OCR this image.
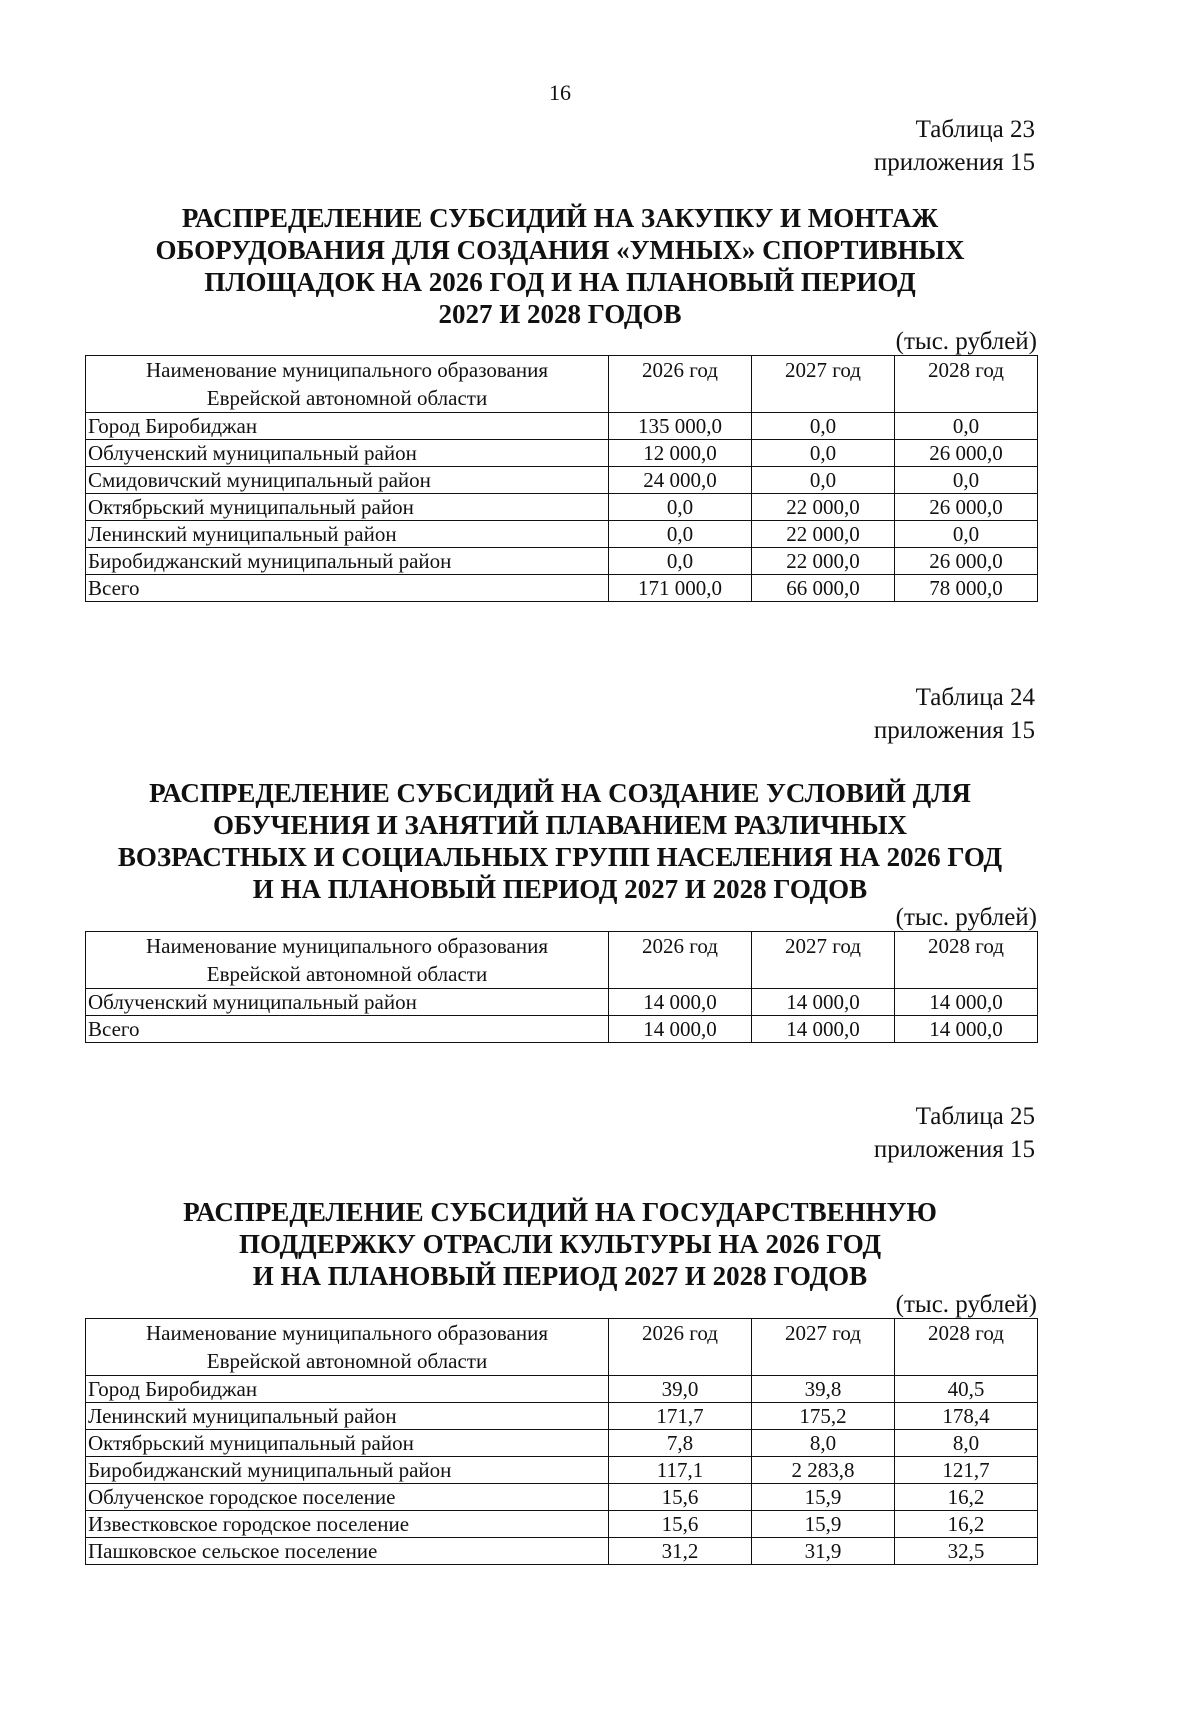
16
Таблица 23
приложения 15
РАСПРЕДЕЛЕНИЕ СУБСИДИЙ НА ЗАКУПКУ И МОНТАЖ
ОБОРУДОВАНИЯ ДЛЯ СОЗДАНИЯ «УМНЫХ» СПОРТИВНЫХ
ПЛОЩАДОК НА 2026 ГОД И НА ПЛАНОВЫЙ ПЕРИОД
2027 И 2028 ГОДОВ
(тыс. рублей)
Наименование муниципального образования
Еврейской автономной области	2026 год	2027 год	2028 год
Город Биробиджан	135 000,0	0,0	0,0
Облученский муниципальный район	12 000,0	0,0	26 000,0
Смидовичский муниципальный район	24 000,0	0,0	0,0
Октябрьский муниципальный район	0,0	22 000,0	26 000,0
Ленинский муниципальный район	0,0	22 000,0	0,0
Биробиджанский муниципальный район	0,0	22 000,0	26 000,0
Всего	171 000,0	66 000,0	78 000,0
Таблица 24
приложения 15
РАСПРЕДЕЛЕНИЕ СУБСИДИЙ НА СОЗДАНИЕ УСЛОВИЙ ДЛЯ
ОБУЧЕНИЯ И ЗАНЯТИЙ ПЛАВАНИЕМ РАЗЛИЧНЫХ
ВОЗРАСТНЫХ И СОЦИАЛЬНЫХ ГРУПП НАСЕЛЕНИЯ НА 2026 ГОД
И НА ПЛАНОВЫЙ ПЕРИОД 2027 И 2028 ГОДОВ
(тыс. рублей)
Наименование муниципального образования
Еврейской автономной области	2026 год	2027 год	2028 год
Облученский муниципальный район	14 000,0	14 000,0	14 000,0
Всего	14 000,0	14 000,0	14 000,0
Таблица 25
приложения 15
РАСПРЕДЕЛЕНИЕ СУБСИДИЙ НА ГОСУДАРСТВЕННУЮ
ПОДДЕРЖКУ ОТРАСЛИ КУЛЬТУРЫ НА 2026 ГОД
И НА ПЛАНОВЫЙ ПЕРИОД 2027 И 2028 ГОДОВ
(тыс. рублей)
Наименование муниципального образования
Еврейской автономной области	2026 год	2027 год	2028 год
Город Биробиджан	39,0	39,8	40,5
Ленинский муниципальный район	171,7	175,2	178,4
Октябрьский муниципальный район	7,8	8,0	8,0
Биробиджанский муниципальный район	117,1	2 283,8	121,7
Облученское городское поселение	15,6	15,9	16,2
Известковское городское поселение	15,6	15,9	16,2
Пашковское сельское поселение	31,2	31,9	32,5
